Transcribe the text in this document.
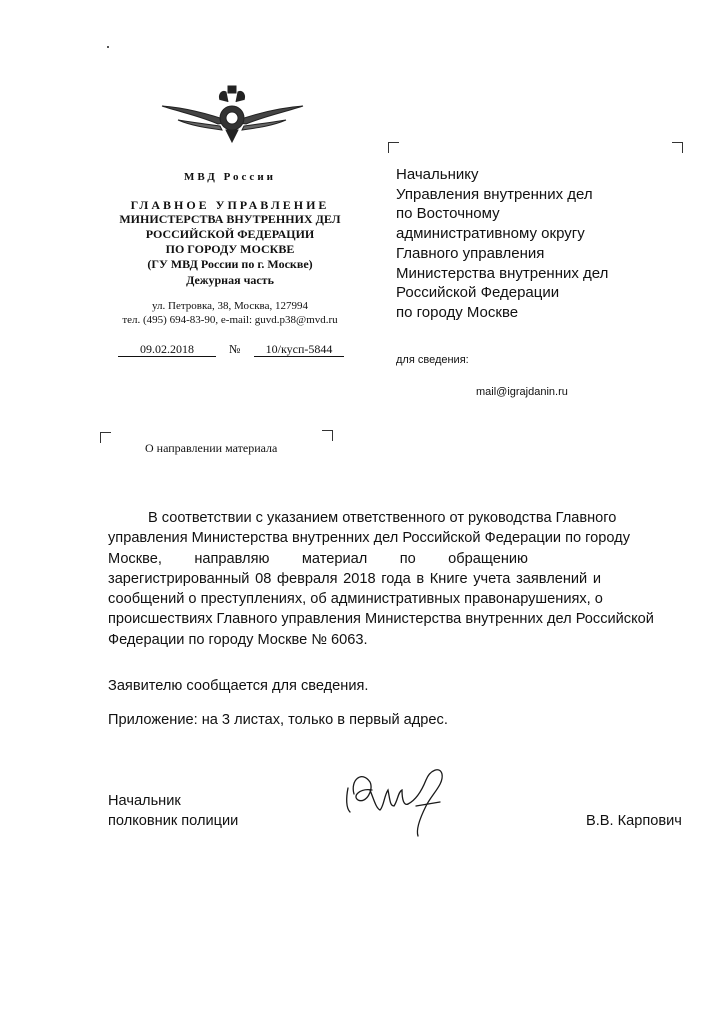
МВД России
ГЛАВНОЕ УПРАВЛЕНИЕ
МИНИСТЕРСТВА ВНУТРЕННИХ ДЕЛ
РОССИЙСКОЙ ФЕДЕРАЦИИ
ПО ГОРОДУ МОСКВЕ
(ГУ МВД России по г. Москве)
Дежурная часть
ул. Петровка, 38, Москва, 127994
тел. (495) 694-83-90, e-mail: guvd.p38@mvd.ru
09.02.2018	№	10/кусп-5844
Начальнику
Управления внутренних дел
по Восточному
административному округу
Главного управления
Министерства внутренних дел
Российской Федерации
по городу Москве
для сведения:
mail@igrajdanin.ru
О направлении материала
В соответствии с указанием ответственного от руководства Главного
управления Министерства внутренних дел Российской Федерации по городу
Москве, направляю материал по обращению
зарегистрированный 08 февраля 2018 года в Книге учета заявлений и
сообщений о преступлениях, об административных правонарушениях, о
происшествиях Главного управления Министерства внутренних дел Российской
Федерации по городу Москве № 6063.
Заявителю сообщается для сведения.
Приложение: на 3 листах, только в первый адрес.
Начальник
полковник полиции	В.В. Карпович
